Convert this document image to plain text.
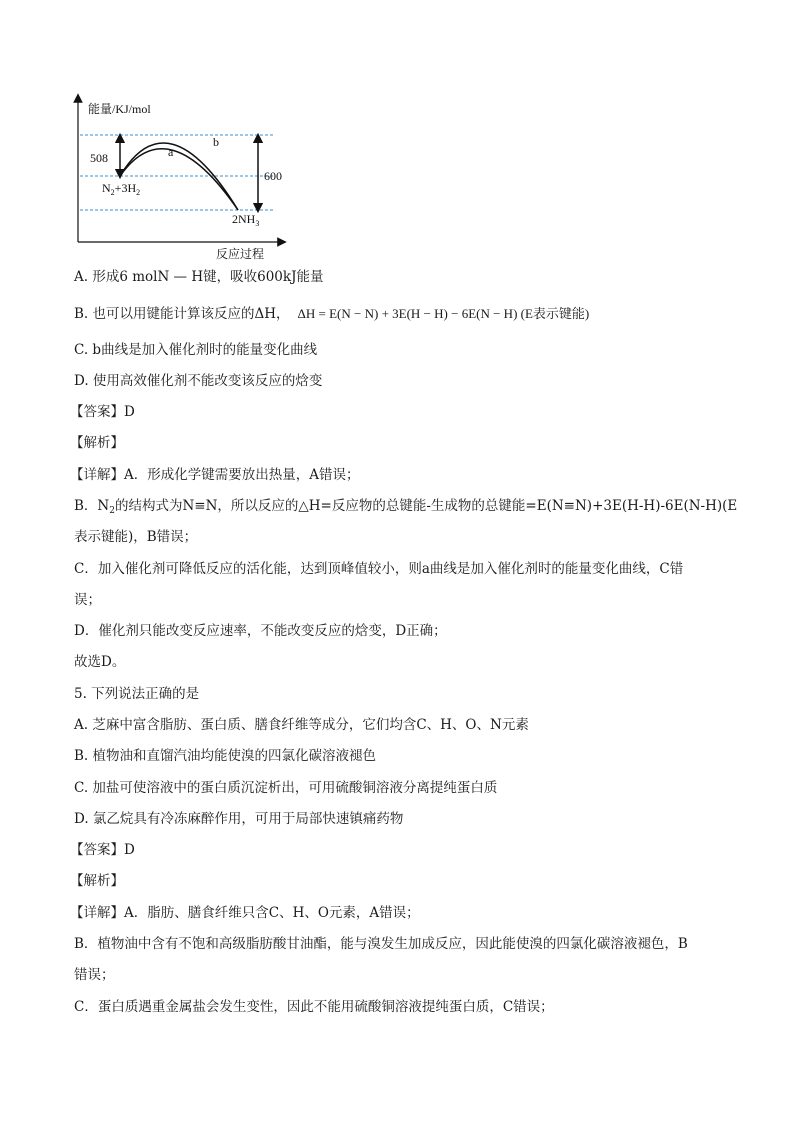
能量/KJ/mol
反应过程
508
600
a
b
$N_2+3H_2$
$2NH_3$
A. 形成6 molN — H键，吸收600kJ能量
B. 也可以用键能计算该反应的ΔH， ΔH = E(N − N) + 3E(H − H) − 6E(N − H) (E表示键能)
C. b曲线是加入催化剂时的能量变化曲线
D. 使用高效催化剂不能改变该反应的焓变
【答案】D
【解析】
【详解】A．形成化学键需要放出热量，A错误；
B．$N_2$的结构式为N≡N，所以反应的△H=反应物的总键能-生成物的总键能=E(N≡N)+3E(H-H)-6E(N-H)(E
表示键能)，B错误；
C．加入催化剂可降低反应的活化能，达到顶峰值较小，则a曲线是加入催化剂时的能量变化曲线，C错
误；
D．催化剂只能改变反应速率，不能改变反应的焓变，D正确；
故选D。
5. 下列说法正确的是
A. 芝麻中富含脂肪、蛋白质、膳食纤维等成分，它们均含C、H、O、N元素
B. 植物油和直馏汽油均能使溴的四氯化碳溶液褪色
C. 加盐可使溶液中的蛋白质沉淀析出，可用硫酸铜溶液分离提纯蛋白质
D. 氯乙烷具有冷冻麻醉作用，可用于局部快速镇痛药物
【答案】D
【解析】
【详解】A．脂肪、膳食纤维只含C、H、O元素，A错误；
B．植物油中含有不饱和高级脂肪酸甘油酯，能与溴发生加成反应，因此能使溴的四氯化碳溶液褪色，B
错误；
C．蛋白质遇重金属盐会发生变性，因此不能用硫酸铜溶液提纯蛋白质，C错误；
